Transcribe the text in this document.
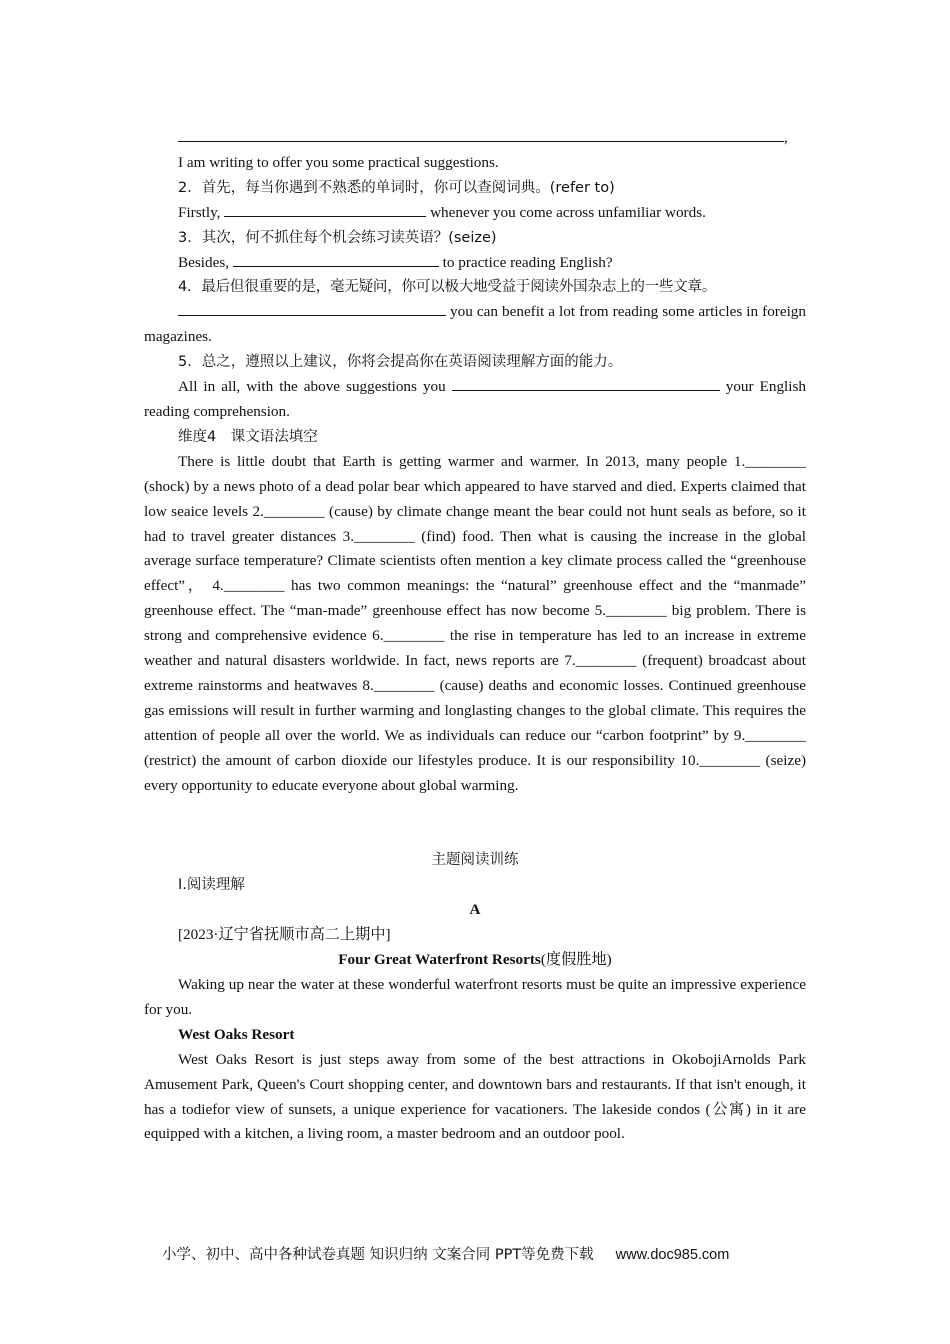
,

I am writing to offer you some practical suggestions.

2．首先，每当你遇到不熟悉的单词时，你可以查阅词典。(refer to)

Firstly,	whenever you come across unfamiliar words.

3．其次，何不抓住每个机会练习读英语？(seize)

Besides,	to practice reading English?

4．最后但很重要的是，毫无疑问，你可以极大地受益于阅读外国杂志上的一些文章。

you can benefit a lot from reading some articles in foreign magazines.

5．总之，遵照以上建议，你将会提高你在英语阅读理解方面的能力。

All in all, with the above suggestions you	your English reading comprehension.

维度4　课文语法填空

There is little doubt that Earth is getting warmer and warmer. In 2013, many people 1.________ (shock) by a news photo of a dead polar bear which appeared to have starved and died. Experts claimed that low seaice levels 2.________ (cause) by climate change meant the bear could not hunt seals as before, so it had to travel greater distances 3.________ (find) food. Then what is causing the increase in the global average surface temperature? Climate scientists often mention a key climate process called the “greenhouse effect”， 4.________ has two common meanings: the “natural” greenhouse effect and the “manmade” greenhouse effect. The “man-made” greenhouse effect has now become 5.________ big problem. There is strong and comprehensive evidence 6.________ the rise in temperature has led to an increase in extreme weather and natural disasters worldwide. In fact, news reports are 7.________ (frequent) broadcast about extreme rainstorms and heatwaves 8.________ (cause) deaths and economic losses. Continued greenhouse gas emissions will result in further warming and longlasting changes to the global climate. This requires the attention of people all over the world. We as individuals can reduce our “carbon footprint” by 9.________ (restrict) the amount of carbon dioxide our lifestyles produce. It is our responsibility 10.________ (seize) every opportunity to educate everyone about global warming.

主题阅读训练

Ⅰ.阅读理解

A

[2023·辽宁省抚顺市高二上期中]

Four Great Waterfront Resorts(度假胜地)

Waking up near the water at these wonderful waterfront resorts must be quite an impressive experience for you.

West Oaks Resort

West Oaks Resort is just steps away from some of the best attractions in OkobojiArnolds Park Amusement Park, Queen's Court shopping center, and downtown bars and restaurants. If that isn't enough, it has a todiefor view of sunsets, a unique experience for vacationers. The lakeside condos (公寓) in it are equipped with a kitchen, a living room, a master bedroom and an outdoor pool.

小学、初中、高中各种试卷真题 知识归纳 文案合同 PPT等免费下载 www.doc985.com
